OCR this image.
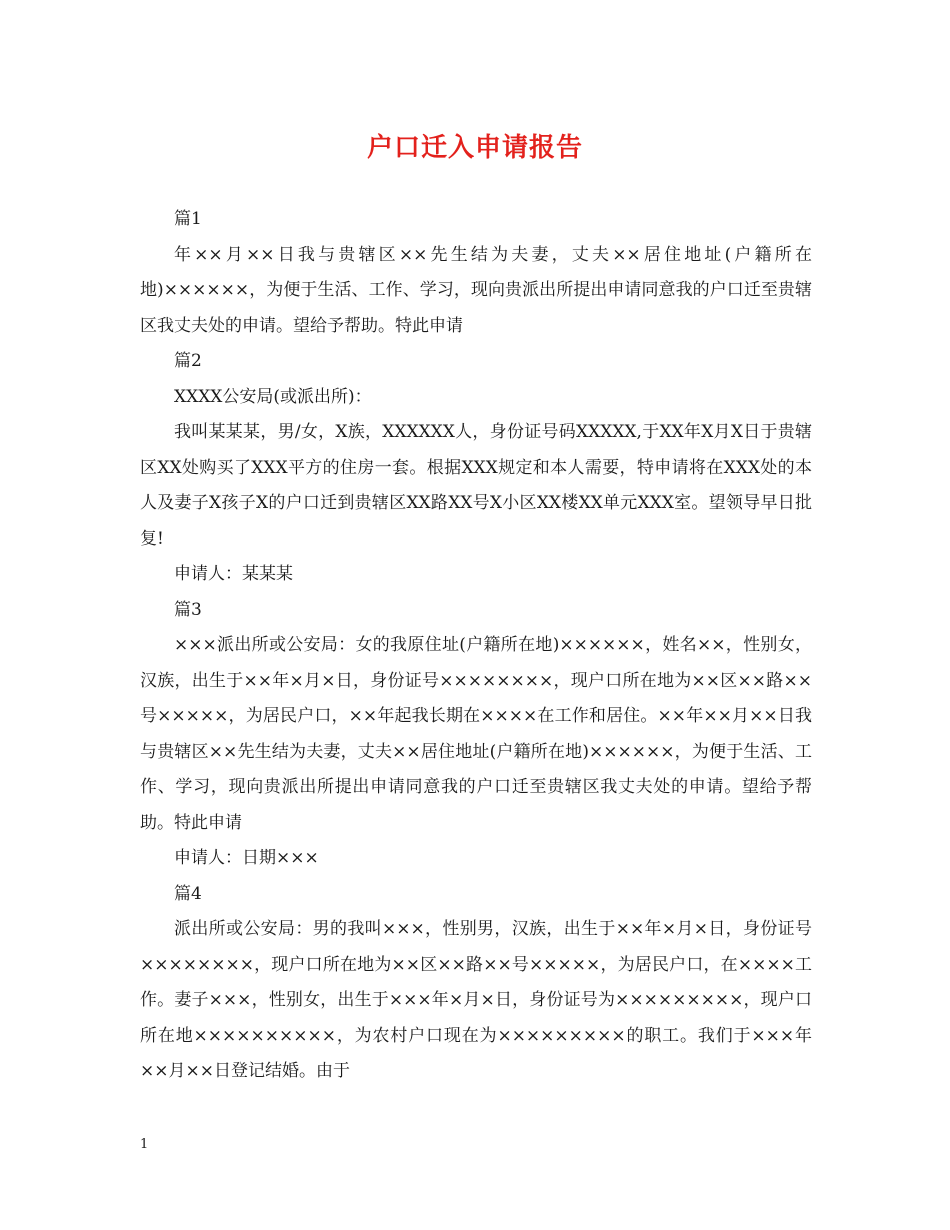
户口迁入申请报告

篇1

年××月××日我与贵辖区××先生结为夫妻，丈夫××居住地址(户籍所在地)××××××，为便于生活、工作、学习，现向贵派出所提出申请同意我的户口迁至贵辖区我丈夫处的申请。望给予帮助。特此申请

篇2

XXXX公安局(或派出所)：

我叫某某某，男/女，X族，XXXXXX人，身份证号码XXXXX,于XX年X月X日于贵辖区XX处购买了XXX平方的住房一套。根据XXX规定和本人需要，特申请将在XXX处的本人及妻子X孩子X的户口迁到贵辖区XX路XX号X小区XX楼XX单元XXX室。望领导早日批复!

申请人：某某某

篇3

×××派出所或公安局：女的我原住址(户籍所在地)××××××，姓名××，性别女，汉族，出生于××年×月×日，身份证号××××××××，现户口所在地为××区××路××号×××××，为居民户口，××年起我长期在××××在工作和居住。××年××月××日我与贵辖区××先生结为夫妻，丈夫××居住地址(户籍所在地)××××××，为便于生活、工作、学习，现向贵派出所提出申请同意我的户口迁至贵辖区我丈夫处的申请。望给予帮助。特此申请

申请人：日期×××

篇4

派出所或公安局：男的我叫×××，性别男，汉族，出生于××年×月×日，身份证号××××××××，现户口所在地为××区××路××号×××××，为居民户口，在××××工作。妻子×××，性别女，出生于×××年×月×日，身份证号为×××××××××，现户口所在地××××××××××，为农村户口现在为×××××××××的职工。我们于×××年××月××日登记结婚。由于

1
